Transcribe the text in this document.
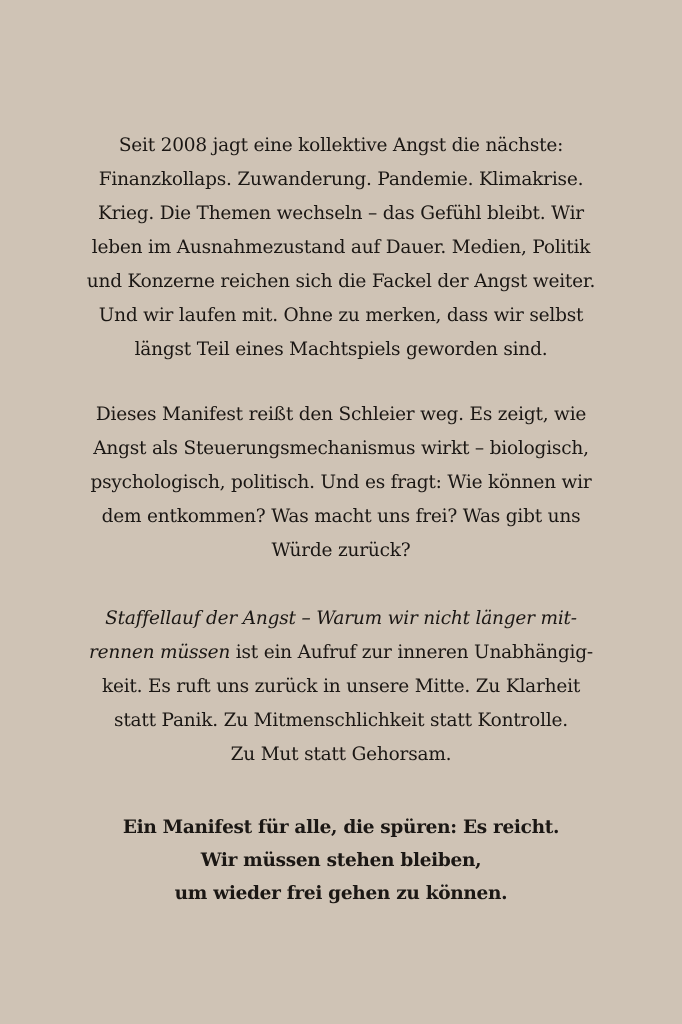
Seit 2008 jagt eine kollektive Angst die nächste:
Finanzkollaps. Zuwanderung. Pandemie. Klimakrise.
Krieg. Die Themen wechseln – das Gefühl bleibt. Wir
leben im Ausnahmezustand auf Dauer. Medien, Politik
und Konzerne reichen sich die Fackel der Angst weiter.
Und wir laufen mit. Ohne zu merken, dass wir selbst
längst Teil eines Machtspiels geworden sind.
Dieses Manifest reißt den Schleier weg. Es zeigt, wie
Angst als Steuerungsmechanismus wirkt – biologisch,
psychologisch, politisch. Und es fragt: Wie können wir
dem entkommen? Was macht uns frei? Was gibt uns
Würde zurück?
Staffellauf der Angst – Warum wir nicht länger mit-
rennen müssen ist ein Aufruf zur inneren Unabhängig-
keit. Es ruft uns zurück in unsere Mitte. Zu Klarheit
statt Panik. Zu Mitmenschlichkeit statt Kontrolle.
Zu Mut statt Gehorsam.
Ein Manifest für alle, die spüren: Es reicht.
Wir müssen stehen bleiben,
um wieder frei gehen zu können.
